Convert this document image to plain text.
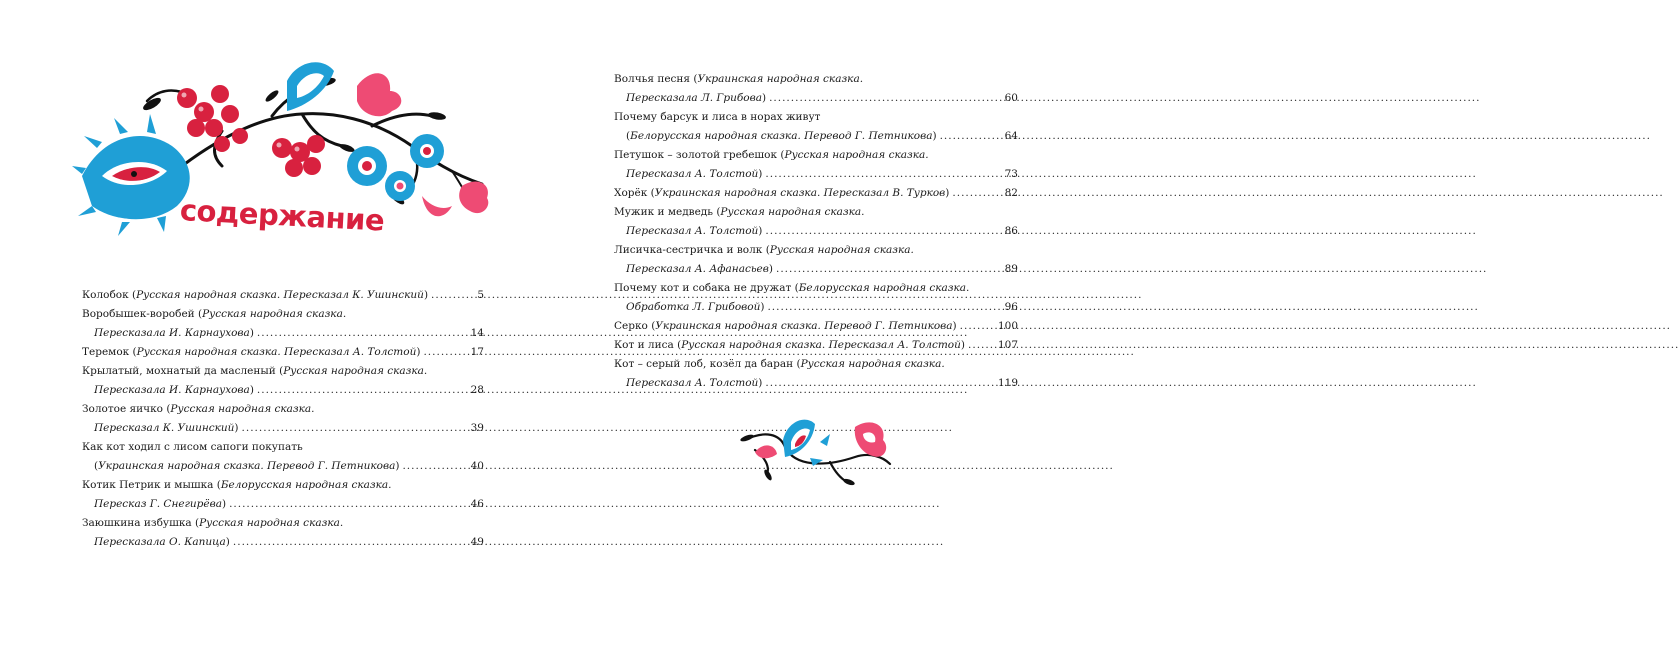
содержание
Колобок (Русская народная сказка. Пересказал К. Ушинский) .....	5
Воробышек-воробей (Русская народная сказка.
Пересказала И. Карнаухова) .....	14
Теремок (Русская народная сказка. Пересказал А. Толстой) .....	17
Крылатый, мохнатый да масленый (Русская народная сказка.
Пересказала И. Карнаухова) .....	28
Золотое яичко (Русская народная сказка.
Пересказал К. Ушинский) .....	39
Как кот ходил с лисом сапоги покупать
(Украинская народная сказка. Перевод Г. Петникова) .....	40
Котик Петрик и мышка (Белорусская народная сказка.
Пересказ Г. Снегирёва) .....	46
Заюшкина избушка (Русская народная сказка.
Пересказала О. Капица) .....	49
Волчья песня (Украинская народная сказка.
Пересказала Л. Грибова) .....	60
Почему барсук и лиса в норах живут
(Белорусская народная сказка. Перевод Г. Петникова) .....	64
Петушок – золотой гребешок (Русская народная сказка.
Пересказал А. Толстой) .....	73
Хорёк (Украинская народная сказка. Пересказал В. Турков) .....	82
Мужик и медведь (Русская народная сказка.
Пересказал А. Толстой) .....	86
Лисичка-сестричка и волк (Русская народная сказка.
Пересказал А. Афанасьев) .....	89
Почему кот и собака не дружат (Белорусская народная сказка.
Обработка Л. Грибовой) .....	96
Серко (Украинская народная сказка. Перевод Г. Петникова) .....	100
Кот и лиса (Русская народная сказка. Пересказал А. Толстой) .....	107
Кот – серый лоб, козёл да баран (Русская народная сказка.
Пересказал А. Толстой) .....	119
